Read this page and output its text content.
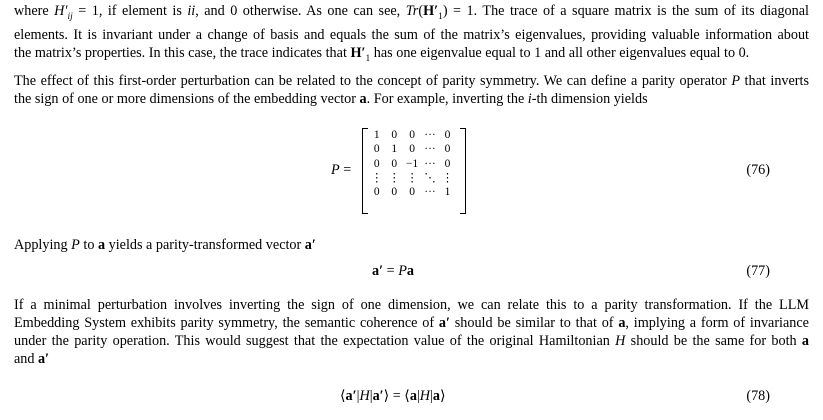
where $H'_{ij} = 1$, if element is ii, and 0 otherwise. As one can see, $Tr(H'_1) = 1$. The trace of a square matrix is the sum of its diagonal
elements. It is invariant under a change of basis and equals the sum of the matrix’s eigenvalues, providing valuable information about
the matrix’s properties. In this case, the trace indicates that $H'_1$ has one eigenvalue equal to 1 and all other eigenvalues equal to 0.
The effect of this first-order perturbation can be related to the concept of parity symmetry. We can define a parity operator P that inverts
the sign of one or more dimensions of the embedding vector a. For example, inverting the i-th dimension yields
P =
1	0	0	···	0
0	1	0	···	0
0	0	−1	···	0
⋮	⋮	⋮	⋱	⋮
0	0	0	···	1
(76)
Applying P to a yields a parity-transformed vector a′
a′ = Pa	(77)
If a minimal perturbation involves inverting the sign of one dimension, we can relate this to a parity transformation. If the LLM
Embedding System exhibits parity symmetry, the semantic coherence of a′ should be similar to that of a, implying a form of invariance
under the parity operation. This would suggest that the expectation value of the original Hamiltonian H should be the same for both a
and a′
⟨a′|H|a′⟩ = ⟨a|H|a⟩	(78)
